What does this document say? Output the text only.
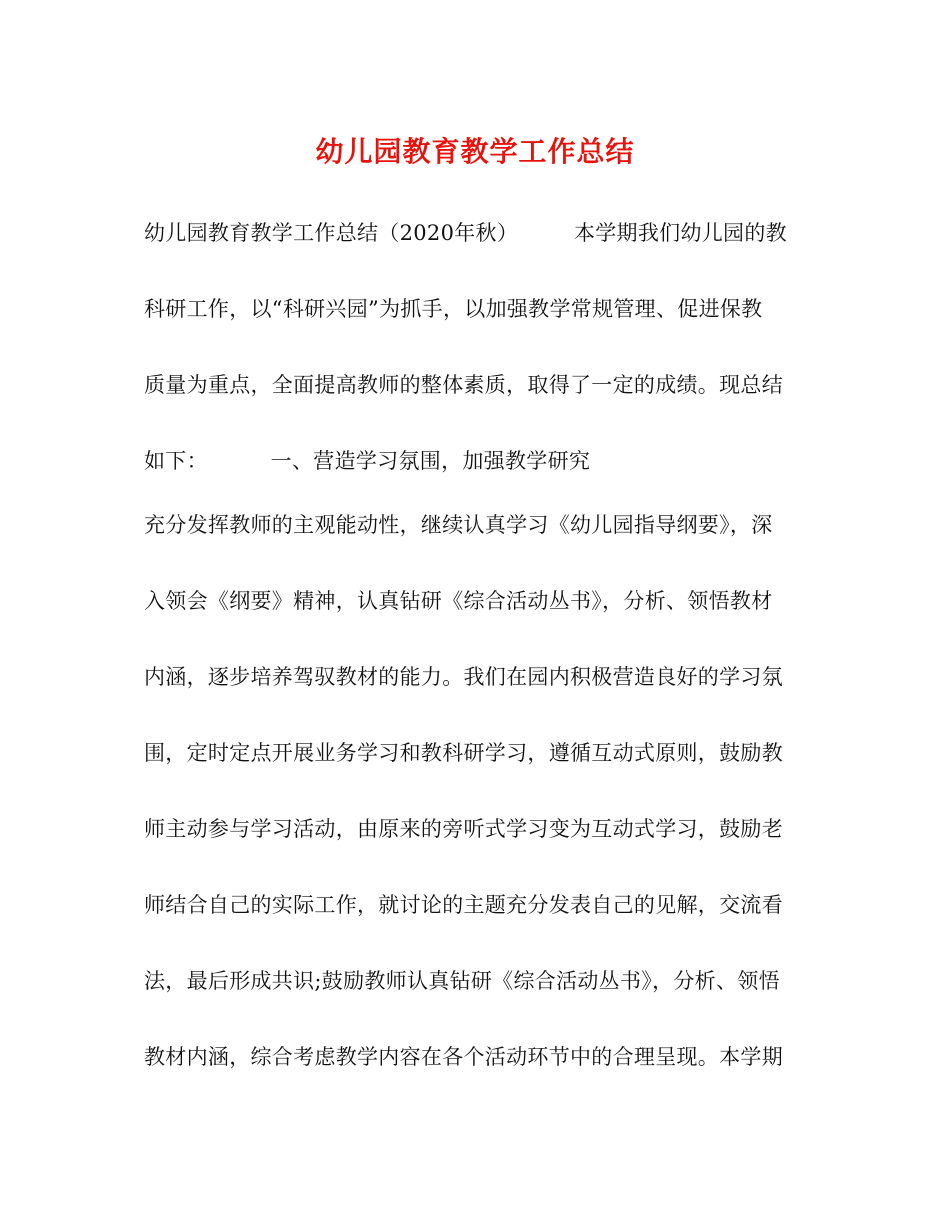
幼儿园教育教学工作总结
幼儿园教育教学工作总结（2020年秋）        本学期我们幼儿园的教
科研工作，以“科研兴园”为抓手，以加强教学常规管理、促进保教
质量为重点，全面提高教师的整体素质，取得了一定的成绩。现总结
如下：         一、营造学习氛围，加强教学研究
充分发挥教师的主观能动性，继续认真学习《幼儿园指导纲要》，深
入领会《纲要》精神，认真钻研《综合活动丛书》，分析、领悟教材
内涵，逐步培养驾驭教材的能力。我们在园内积极营造良好的学习氛
围，定时定点开展业务学习和教科研学习，遵循互动式原则，鼓励教
师主动参与学习活动，由原来的旁听式学习变为互动式学习，鼓励老
师结合自己的实际工作，就讨论的主题充分发表自己的见解，交流看
法，最后形成共识;鼓励教师认真钻研《综合活动丛书》，分析、领悟
教材内涵，综合考虑教学内容在各个活动环节中的合理呈现。本学期
